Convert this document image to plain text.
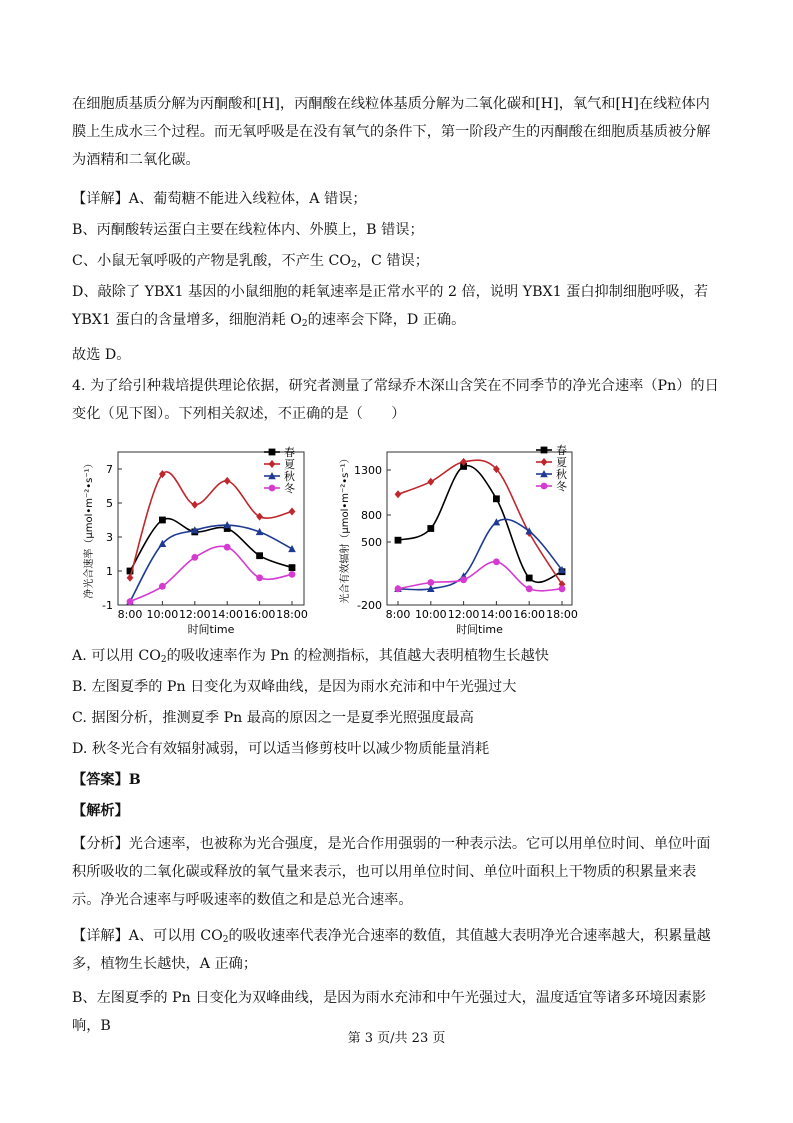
在细胞质基质分解为丙酮酸和[H]，丙酮酸在线粒体基质分解为二氧化碳和[H]，氧气和[H]在线粒体内膜上生成水三个过程。而无氧呼吸是在没有氧气的条件下，第一阶段产生的丙酮酸在细胞质基质被分解为酒精和二氧化碳。

【详解】A、葡萄糖不能进入线粒体，A 错误；

B、丙酮酸转运蛋白主要在线粒体内、外膜上，B 错误；

C、小鼠无氧呼吸的产物是乳酸，不产生 $CO_2$，C 错误；

D、敲除了 YBX1 基因的小鼠细胞的耗氧速率是正常水平的 2 倍，说明 YBX1 蛋白抑制细胞呼吸，若 YBX1 蛋白的含量增多，细胞消耗 $O_2$的速率会下降，D 正确。

故选 D。

4. 为了给引种栽培提供理论依据，研究者测量了常绿乔木深山含笑在不同季节的净光合速率（Pn）的日变化（见下图）。下列相关叙述，不正确的是（　　）

-1
1
3
5
7
8:00 10:00 12:00 14:00 16:00 18:00
时间time
净光合速率（μmol•m⁻²•s⁻¹）
春
夏
秋
冬
-200
500
800
1300
8:00 10:00 12:00 14:00 16:00 18:00
时间time
光合有效辐射（μmol•m⁻²•s⁻¹）
春
夏
秋
冬

A. 可以用 $CO_2$的吸收速率作为 Pn 的检测指标，其值越大表明植物生长越快

B. 左图夏季的 Pn 日变化为双峰曲线，是因为雨水充沛和中午光强过大

C. 据图分析，推测夏季 Pn 最高的原因之一是夏季光照强度最高

D. 秋冬光合有效辐射减弱，可以适当修剪枝叶以减少物质能量消耗

【答案】B

【解析】

【分析】光合速率，也被称为光合强度，是光合作用强弱的一种表示法。它可以用单位时间、单位叶面积所吸收的二氧化碳或释放的氧气量来表示，也可以用单位时间、单位叶面积上干物质的积累量来表示。净光合速率与呼吸速率的数值之和是总光合速率。

【详解】A、可以用 $CO_2$的吸收速率代表净光合速率的数值，其值越大表明净光合速率越大，积累量越多，植物生长越快，A 正确；

B、左图夏季的 Pn 日变化为双峰曲线，是因为雨水充沛和中午光强过大，温度适宜等诸多环境因素影响，B

第 3 页/共 23 页
